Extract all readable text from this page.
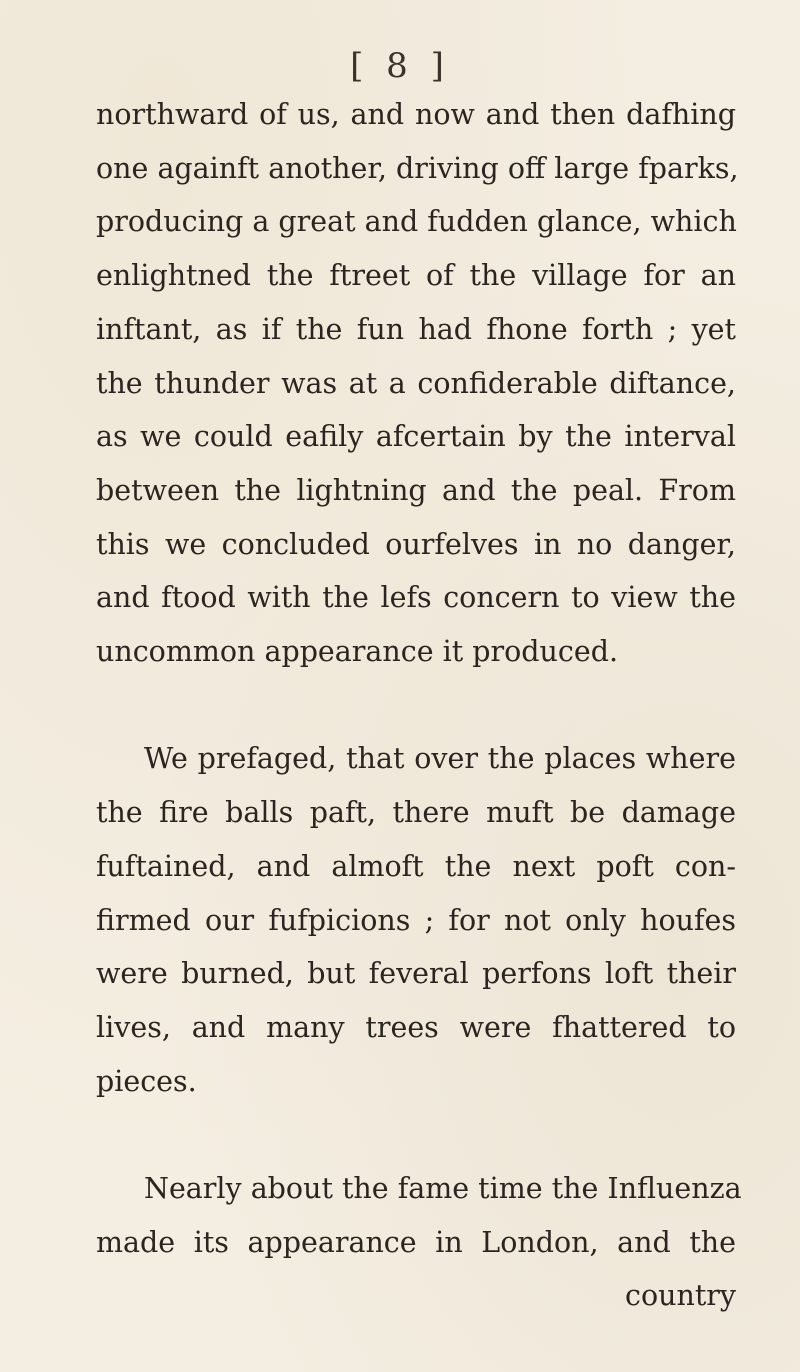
[ 8 ]
northward of us, and now and then dafhing
one againft another, driving off large fparks,
producing a great and fudden glance, which
enlightned the ftreet of the village for an
inftant, as if the fun had fhone forth ; yet
the thunder was at a confiderable diftance,
as we could eafily afcertain by the interval
between the lightning and the peal. From
this we concluded ourfelves in no danger,
and ftood with the lefs concern to view the
uncommon appearance it produced.
We prefaged, that over the places where
the fire balls paft, there muft be damage
fuftained, and almoft the next poft con-
firmed our fufpicions ; for not only houfes
were burned, but feveral perfons loft their
lives, and many trees were fhattered to
pieces.
Nearly about the fame time the Influenza
made its appearance in London, and the
country
